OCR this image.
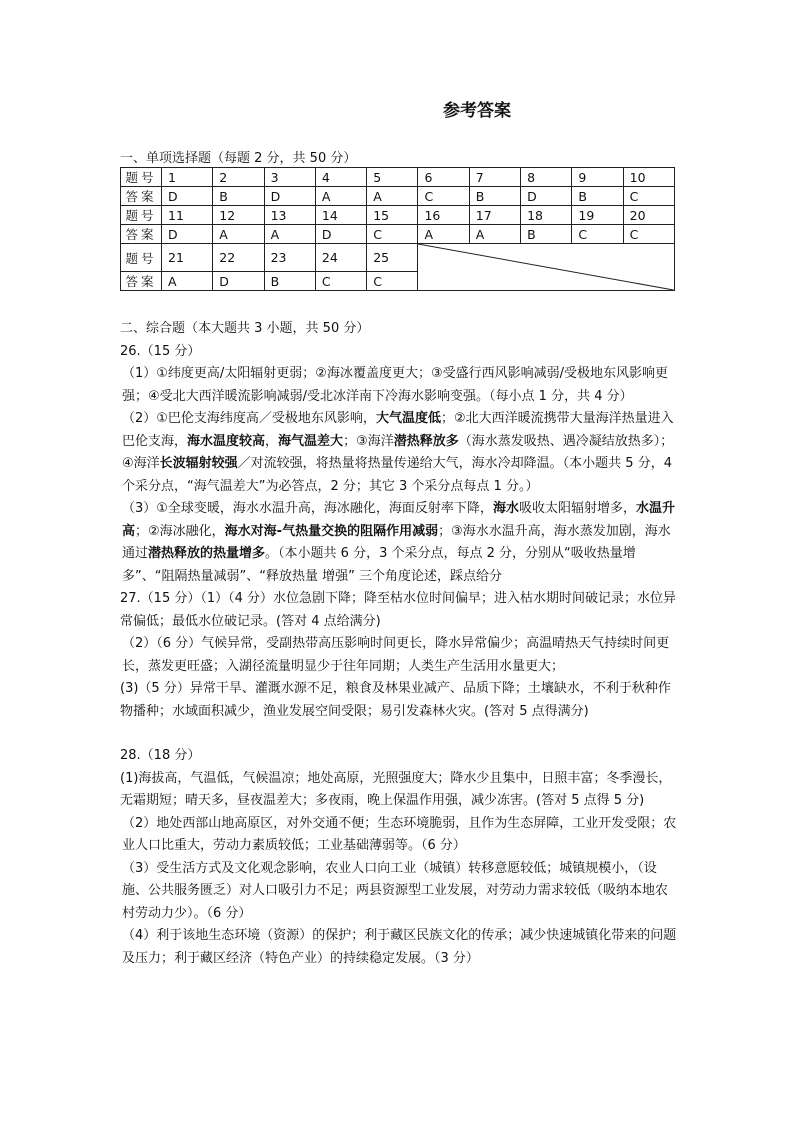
参考答案
一、单项选择题（每题 2 分，共 50 分）
题号	1	2	3	4	5	6	7	8	9	10
答案	D	B	D	A	A	C	B	D	B	C
题号	11	12	13	14	15	16	17	18	19	20
答案	D	A	A	D	C	A	A	B	C	C
题号	21	22	23	24	25	

答案	A	D	B	C	C					

二、综合题（本大题共 3 小题，共 50 分）

26.（15 分）

（1）①纬度更高/太阳辐射更弱；②海冰覆盖度更大；③受盛行西风影响减弱/受极地东风影响更强；④受北大西洋暖流影响减弱/受北冰洋南下冷海水影响变强。（每小点 1 分，共 4 分）

（2）①巴伦支海纬度高／受极地东风影响，大气温度低；②北大西洋暖流携带大量海洋热量进入巴伦支海，海水温度较高，海气温差大；③海洋潜热释放多（海水蒸发吸热、遇冷凝结放热多）；④海洋长波辐射较强／对流较强，将热量将热量传递给大气，海水冷却降温。（本小题共 5 分，4 个采分点，“海气温差大”为必答点，2 分；其它 3 个采分点每点 1 分。）

（3）①全球变暖，海水水温升高，海冰融化，海面反射率下降，海水吸收太阳辐射增多，水温升高；②海冰融化，海水对海-气热量交换的阻隔作用减弱；③海水水温升高，海水蒸发加剧，海水通过潜热释放的热量增多。（本小题共 6 分，3 个采分点，每点 2 分，分别从“吸收热量增多”、“阻隔热量减弱”、“释放热量 增强” 三个角度论述，踩点给分

27.（15 分）（1）（4 分）水位急剧下降；降至枯水位时间偏早；进入枯水期时间破记录；水位异常偏低；最低水位破记录。(答对 4 点给满分)

（2）（6 分）气候异常，受副热带高压影响时间更长，降水异常偏少；高温晴热天气持续时间更长，蒸发更旺盛；入湖径流量明显少于往年同期；人类生产生活用水量更大；

(3)（5 分）异常干旱、灌溉水源不足，粮食及林果业减产、品质下降；土壤缺水，不利于秋种作物播种；水域面积减少，渔业发展空间受限；易引发森林火灾。(答对 5 点得满分)

28.（18 分）

(1)海拔高，气温低，气候温凉；地处高原，光照强度大；降水少且集中，日照丰富；冬季漫长，无霜期短；晴天多，昼夜温差大；多夜雨，晚上保温作用强，减少冻害。(答对 5 点得 5 分)

（2）地处西部山地高原区，对外交通不便；生态环境脆弱，且作为生态屏障，工业开发受限；农业人口比重大，劳动力素质较低；工业基础薄弱等。（6 分）

（3）受生活方式及文化观念影响，农业人口向工业（城镇）转移意愿较低；城镇规模小，（设施、公共服务匮乏）对人口吸引力不足；两县资源型工业发展，对劳动力需求较低（吸纳本地农村劳动力少）。（6 分）

（4）利于该地生态环境（资源）的保护；利于藏区民族文化的传承；减少快速城镇化带来的问题及压力；利于藏区经济（特色产业）的持续稳定发展。（3 分）
